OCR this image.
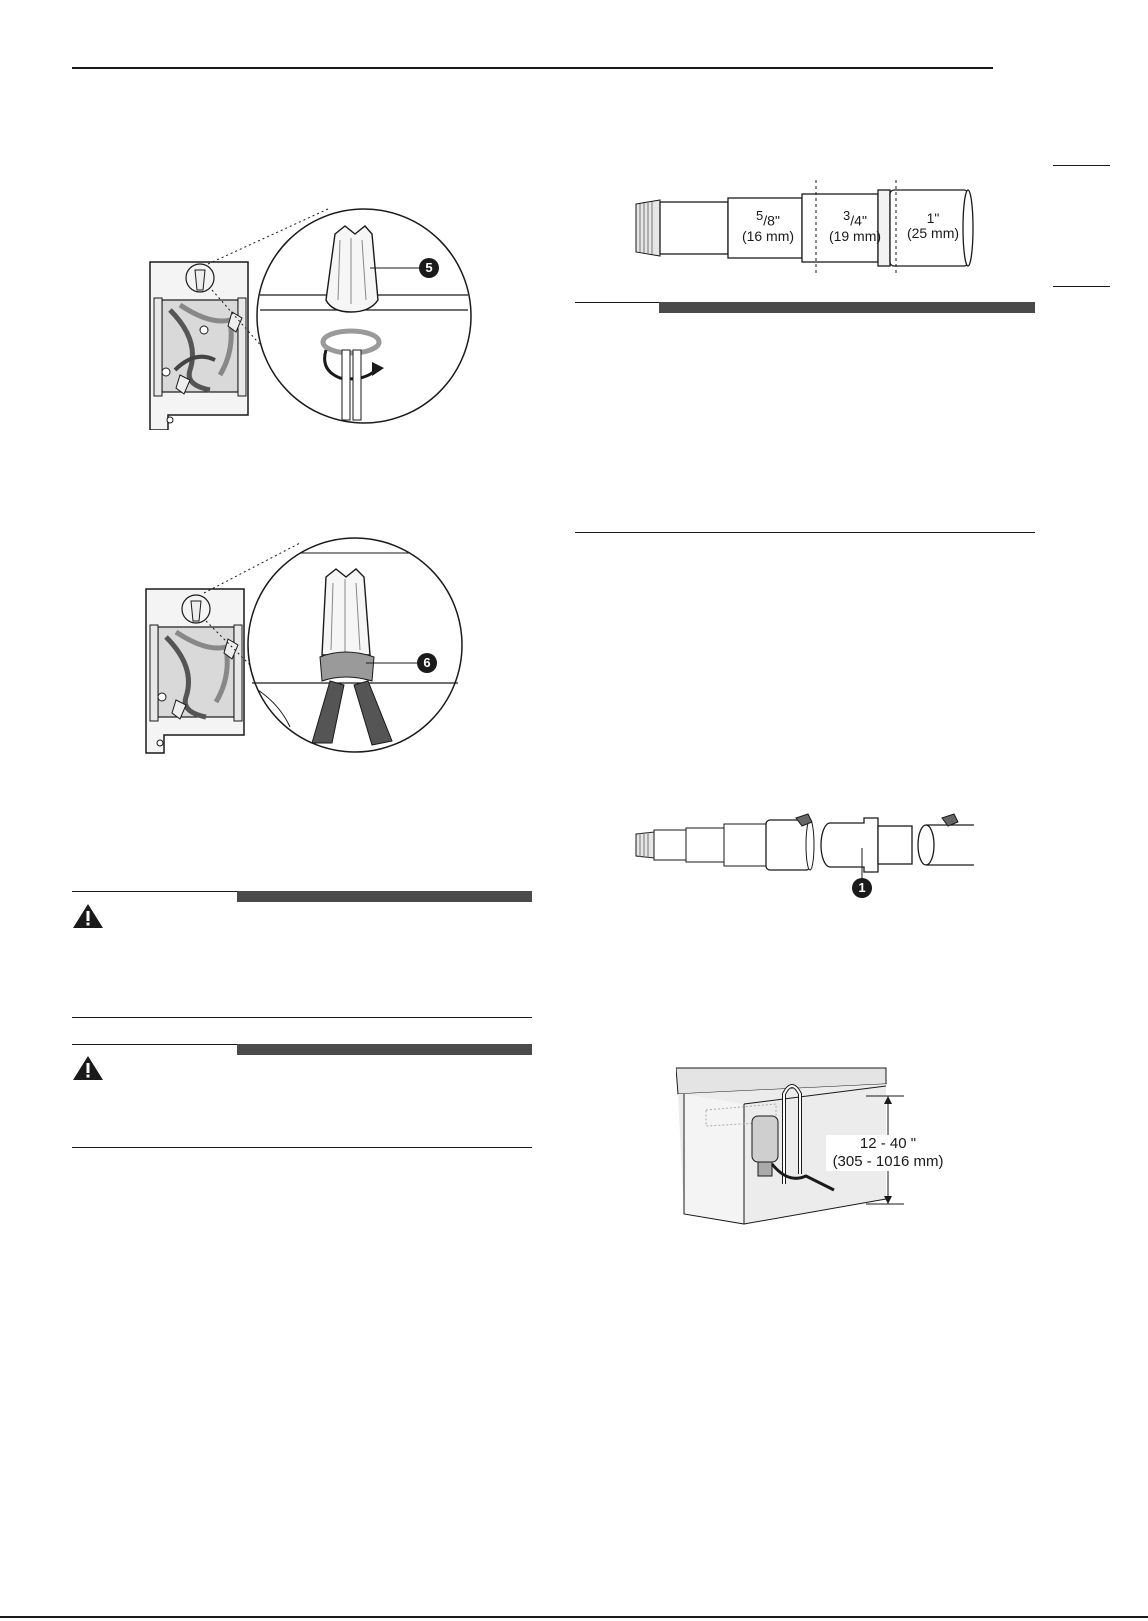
5
6
$^5$/8"
(16 mm)
$^3$/4"
(19 mm)
1"
(25 mm)
1
12 - 40 "
(305 - 1016 mm)
